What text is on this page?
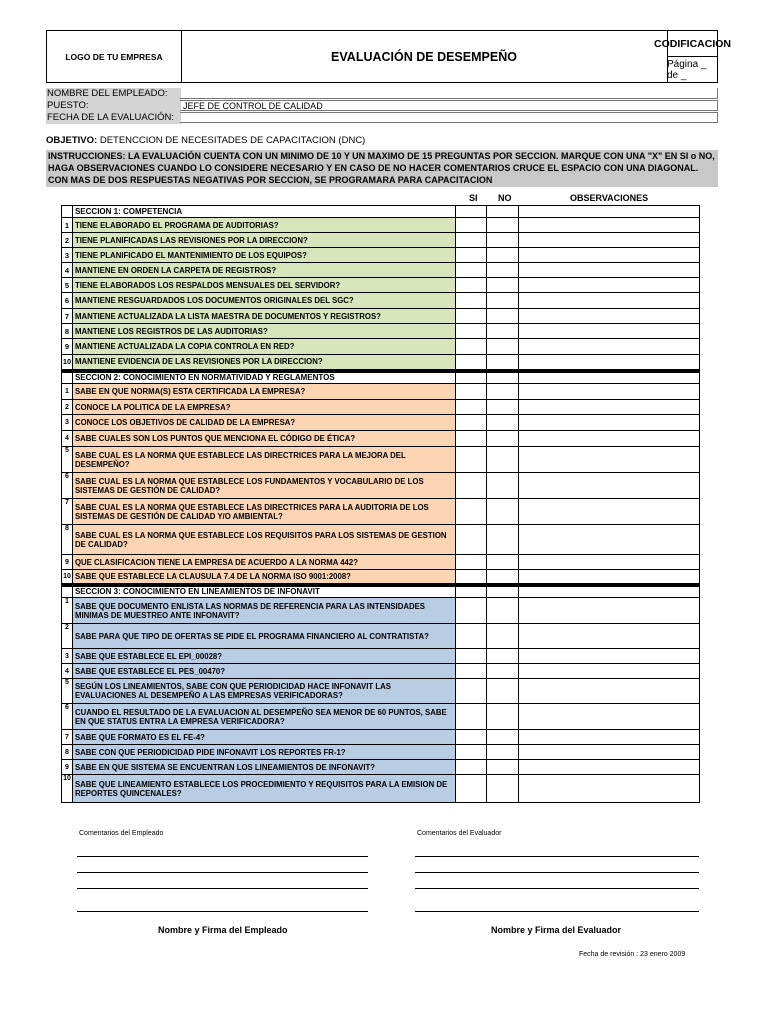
LOGO DE TU EMPRESA	EVALUACIÓN DE DESEMPEÑO
CODIFICACION
Página _ de _
NOMBRE DEL EMPLEADO:
PUESTO:	JEFE DE CONTROL DE CALIDAD
FECHA DE LA EVALUACIÓN:
OBJETIVO: DETENCCION DE NECESITADES DE CAPACITACION (DNC)
INSTRUCCIONES: LA EVALUACIÓN CUENTA CON UN MINIMO DE 10 Y UN MAXIMO DE 15 PREGUNTAS POR SECCION. MARQUE CON UNA "X" EN SI o NO, HAGA OBSERVACIONES CUANDO LO CONSIDERE NECESARIO Y EN CASO DE NO HACER COMENTARIOS CRUCE EL ESPACIO CON UNA DIAGONAL. CON MAS DE DOS RESPUESTAS NEGATIVAS POR SECCION, SE PROGRAMARA PARA CAPACITACION
SI NO	OBSERVACIONES
	SECCION 1: COMPETENCIA			
1	TIENE ELABORADO EL PROGRAMA DE AUDITORIAS?			
2	TIENE PLANIFICADAS LAS REVISIONES POR LA DIRECCION?			
3	TIENE PLANIFICADO EL MANTENIMIENTO DE LOS EQUIPOS?			
4	MANTIENE EN ORDEN LA CARPETA DE REGISTROS?			
5	TIENE ELABORADOS LOS RESPALDOS MENSUALES DEL SERVIDOR?			
6	MANTIENE RESGUARDADOS LOS DOCUMENTOS ORIGINALES DEL SGC?			
7	MANTIENE ACTUALIZADA LA LISTA MAESTRA DE DOCUMENTOS Y REGISTROS?			
8	MANTIENE LOS REGISTROS DE LAS AUDITORIAS?			
9	MANTIENE ACTUALIZADA LA COPIA CONTROLA EN RED?			
10	MANTIENE EVIDENCIA DE LAS REVISIONES POR LA DIRECCION?			
	SECCION 2: CONOCIMIENTO EN NORMATIVIDAD Y REGLAMENTOS			
1	SABE EN QUE NORMA(S) ESTA CERTIFICADA LA EMPRESA?			
2	CONOCE LA POLITICA DE LA EMPRESA?			
3	CONOCE LOS OBJETIVOS DE CALIDAD DE LA EMPRESA?			
4	SABE CUALES SON LOS PUNTOS QUE MENCIONA EL CÓDIGO DE ÉTICA?			
5	SABE CUAL ES LA NORMA QUE ESTABLECE LAS DIRECTRICES PARA LA MEJORA DEL DESEMPEÑO?			
6	SABE CUAL ES LA NORMA QUE ESTABLECE LOS FUNDAMENTOS Y VOCABULARIO DE LOS SISTEMAS DE GESTIÓN DE CALIDAD?			
7	SABE CUAL ES LA NORMA QUE ESTABLECE LAS DIRECTRICES PARA LA AUDITORIA DE LOS SISTEMAS DE GESTIÓN DE CALIDAD Y/O AMBIENTAL?			
8	SABE CUAL ES LA NORMA QUE ESTABLECE LOS REQUISITOS PARA LOS SISTEMAS DE GESTION DE CALIDAD?			
9	QUE CLASIFICACION TIENE LA EMPRESA DE ACUERDO A LA NORMA 442?			
10	SABE QUE ESTABLECE LA CLAUSULA 7.4 DE LA NORMA ISO 9001:2008?			
	SECCION 3: CONOCIMIENTO EN LINEAMIENTOS DE INFONAVIT			
1	SABE QUE DOCUMENTO ENLISTA LAS NORMAS DE REFERENCIA PARA LAS INTENSIDADES MINIMAS DE MUESTREO ANTE INFONAVIT?			
2	SABE PARA QUE TIPO DE OFERTAS SE PIDE EL PROGRAMA FINANCIERO AL CONTRATISTA?			
3	SABE QUE ESTABLECE EL EPI_00028?			
4	SABE QUE ESTABLECE EL PES_00470?			
5	SEGÚN LOS LINEAMIENTOS, SABE CON QUE PERIODICIDAD HACE INFONAVIT LAS EVALUACIONES AL DESEMPEÑO A LAS EMPRESAS VERIFICADORAS?			
6	CUANDO EL RESULTADO DE LA EVALUACION AL DESEMPEÑO SEA MENOR DE 60 PUNTOS, SABE EN QUE STATUS ENTRA LA EMPRESA VERIFICADORA?			
7	SABE QUE FORMATO ES EL FE-4?			
8	SABE CON QUE PERIODICIDAD PIDE INFONAVIT LOS REPORTES FR-1?			
9	SABE EN QUE SISTEMA SE ENCUENTRAN LOS LINEAMIENTOS DE INFONAVIT?			
10	SABE QUE LINEAMIENTO ESTABLECE LOS PROCEDIMIENTO Y REQUISITOS PARA LA EMISION DE REPORTES QUINCENALES?			
Comentarios del Empleado	Comentarios del Evaluador
Nombre y Firma del Empleado	Nombre y Firma del Evaluador
Fecha de revisión : 23 enero 2009
